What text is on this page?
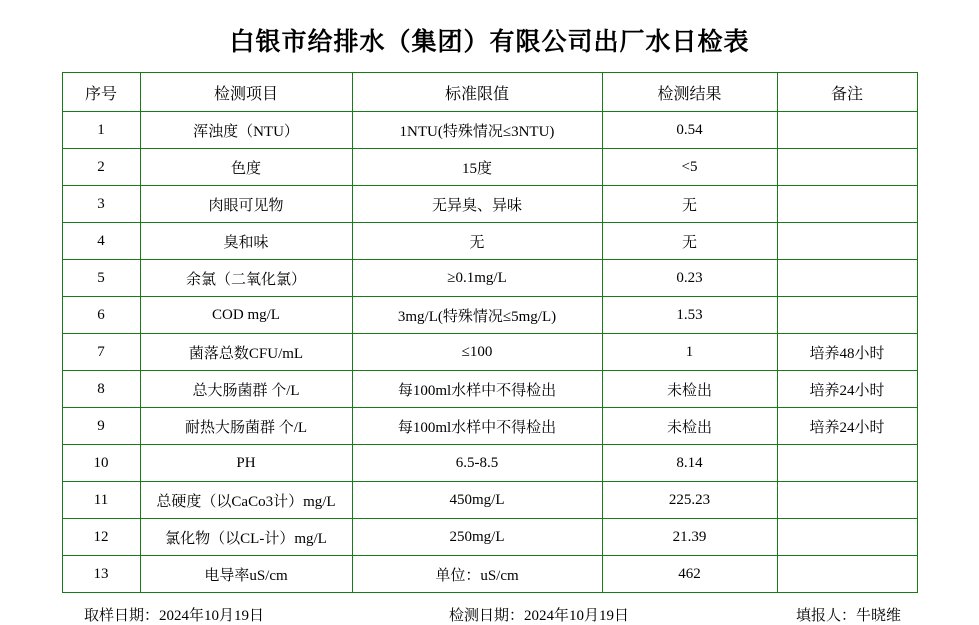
白银市给排水（集团）有限公司出厂水日检表
序号	检测项目	标准限值	检测结果	备注
1	浑浊度（NTU）	1NTU(特殊情况≤3NTU)	0.54	
2	色度	15度	<5	
3	肉眼可见物	无异臭、异味	无	
4	臭和味	无	无	
5	余氯（二氧化氯）	≥0.1mg/L	0.23	
6	COD mg/L	3mg/L(特殊情况≤5mg/L)	1.53	
7	菌落总数CFU/mL	≤100	1	培养48小时
8	总大肠菌群 个/L	每100ml水样中不得检出	未检出	培养24小时
9	耐热大肠菌群 个/L	每100ml水样中不得检出	未检出	培养24小时
10	PH	6.5-8.5	8.14	
11	总硬度（以CaCo3计）mg/L	450mg/L	225.23	
12	氯化物（以CL-计）mg/L	250mg/L	21.39	
13	电导率uS/cm	单位：uS/cm	462	
取样日期：2024年10月19日	检测日期：2024年10月19日	填报人：牛晓维
